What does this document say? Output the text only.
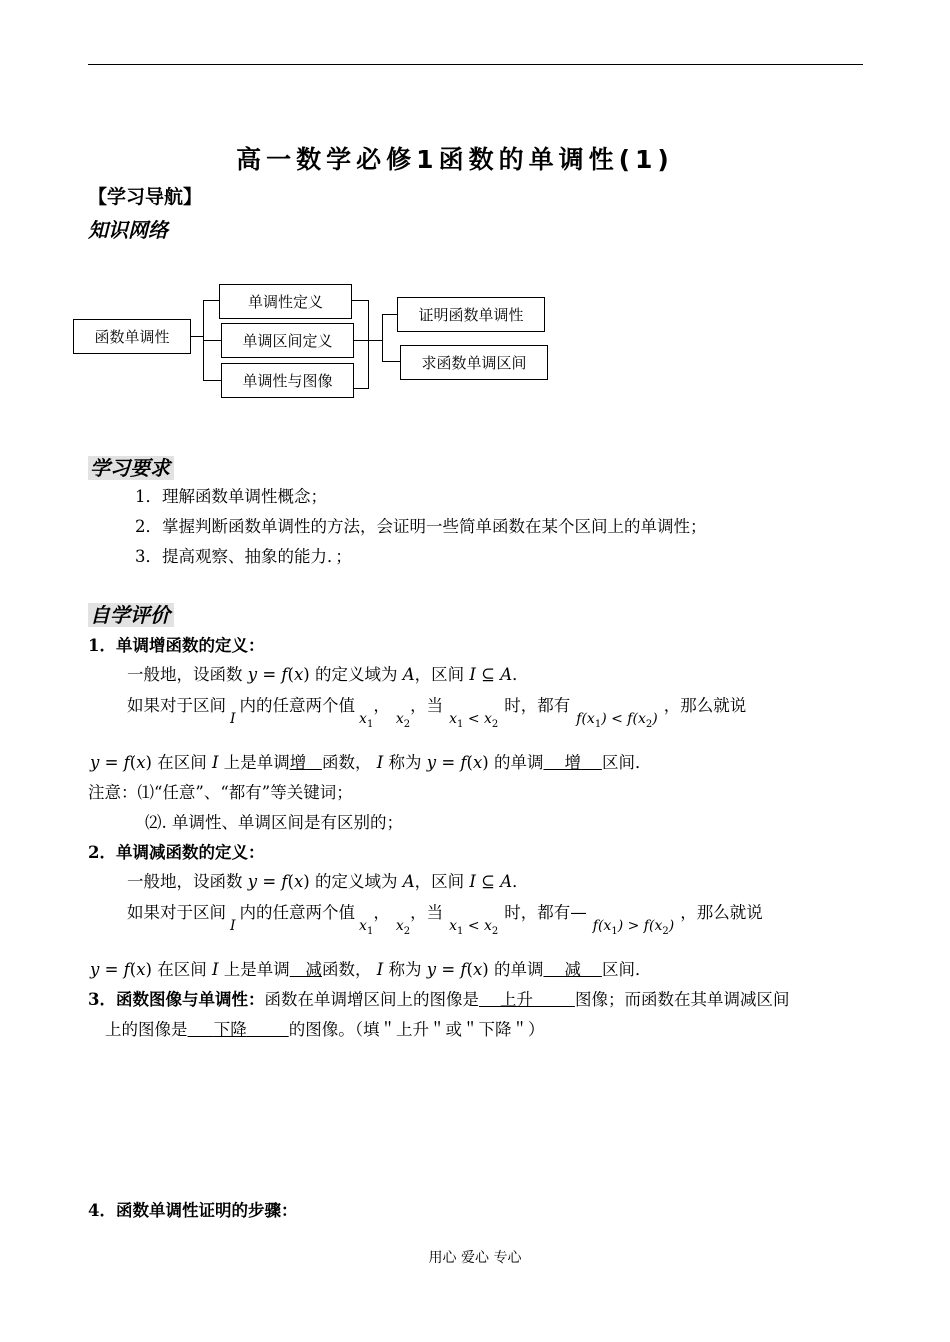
高一数学必修1函数的单调性(1)
【学习导航】
知识网络
函数单调性
单调性定义
单调区间定义
单调性与图像
证明函数单调性
求函数单调区间
学习要求
1．理解函数单调性概念；
2．掌握判断函数单调性的方法，会证明一些简单函数在某个区间上的单调性；
3．提高观察、抽象的能力．；
自学评价
1．单调增函数的定义：
一般地，设函数 y = f(x) 的定义域为 A，区间 I ⊆ A．
如果对于区间$_I$内的任意两个值$_{x_1}$，$_{x_2}$，当$_{x_1 < x_2}$时，都有$_{f(x_1) < f(x_2)}$，那么就说
y = f(x) 在区间 I 上是单调增 函数， I 称为 y = f(x) 的单调 增 区间．
注意：⑴“任意”、“都有”等关键词；
⑵. 单调性、单调区间是有区别的；
2．单调减函数的定义：
一般地，设函数 y = f(x) 的定义域为 A，区间 I ⊆ A．
如果对于区间$_I$内的任意两个值$_{x_1}$，$_{x_2}$，当$_{x_1 < x_2}$时，都有$—_{f(x_1) > f(x_2)}$，那么就说
y = f(x) 在区间 I 上是单调 减函数， I 称为 y = f(x) 的单调 减 区间．
3．函数图像与单调性：函数在单调增区间上的图像是 上升	图像；而函数在其单调减区间
上的图像是 下降	的图像。（填＂上升＂或＂下降＂）
4．函数单调性证明的步骤：
用心 爱心 专心
